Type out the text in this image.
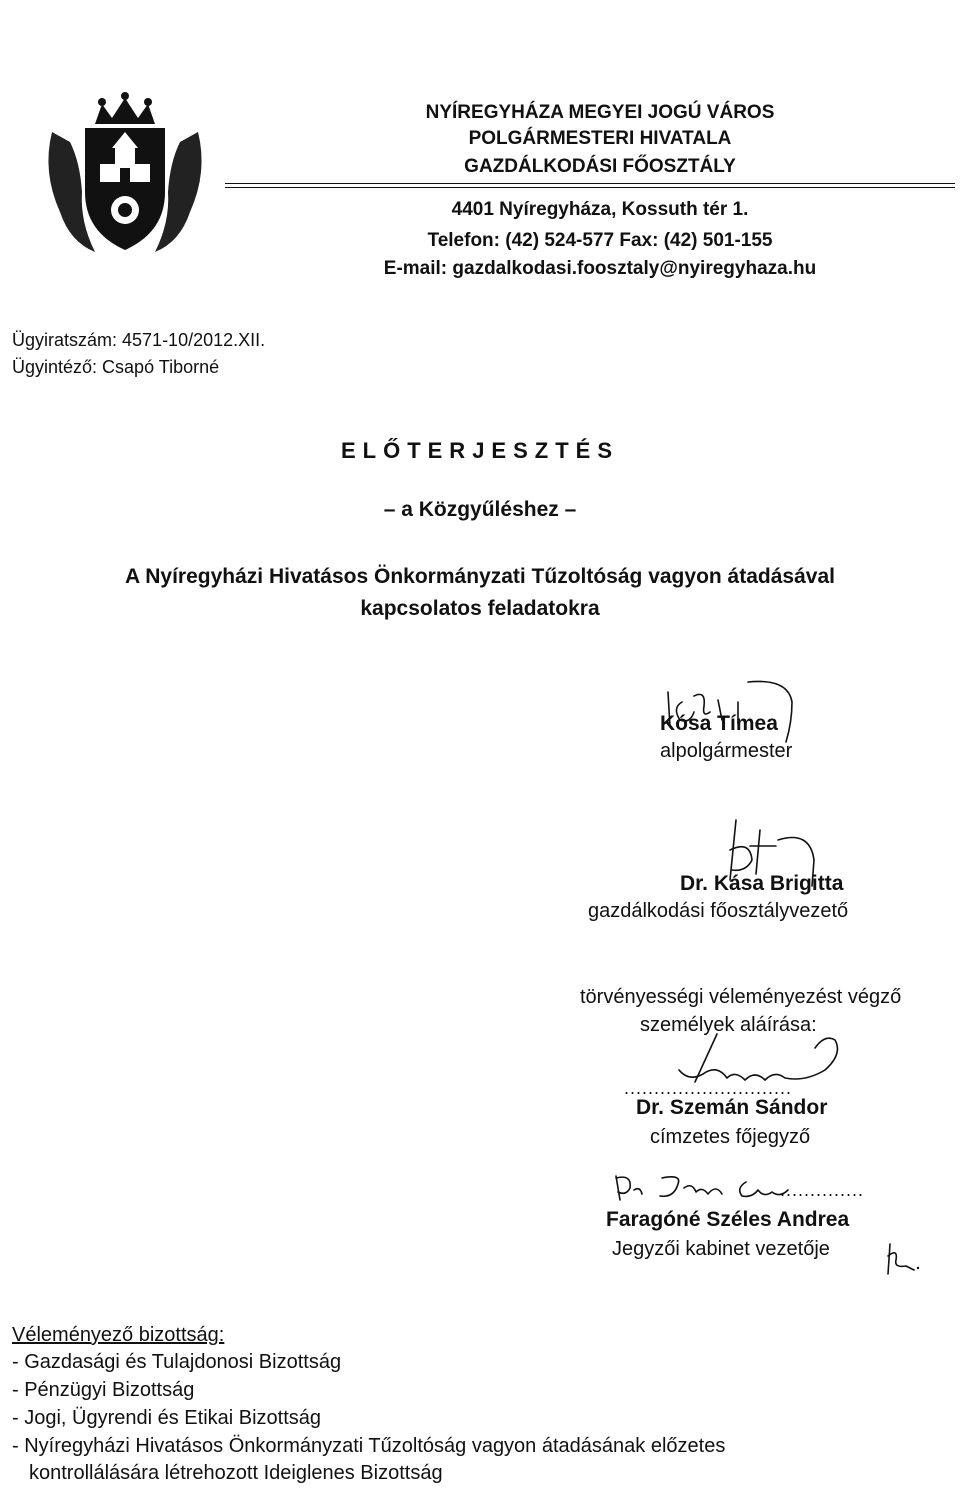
NYÍREGYHÁZA MEGYEI JOGÚ VÁROS
POLGÁRMESTERI HIVATALA
GAZDÁLKODÁSI FŐOSZTÁLY
4401 Nyíregyháza, Kossuth tér 1.
Telefon: (42) 524-577 Fax: (42) 501-155
E-mail: gazdalkodasi.foosztaly@nyiregyhaza.hu
Ügyiratszám: 4571-10/2012.XII.
Ügyintéző: Csapó Tiborné
ELŐTERJESZTÉS
– a Közgyűléshez –
A Nyíregyházi Hivatásos Önkormányzati Tűzoltóság vagyon átadásával
kapcsolatos feladatokra
Kósa Tímea
alpolgármester
Dr. Kása Brigitta
gazdálkodási főosztályvezető
törvényességi véleményezést végző
személyek aláírása:
............................
Dr. Szemán Sándor
címzetes főjegyző
..............
Faragóné Széles Andrea
Jegyzői kabinet vezetője
Véleményező bizottság:
- Gazdasági és Tulajdonosi Bizottság
- Pénzügyi Bizottság
- Jogi, Ügyrendi és Etikai Bizottság
- Nyíregyházi Hivatásos Önkormányzati Tűzoltóság vagyon átadásának előzetes
kontrollálására létrehozott Ideiglenes Bizottság
